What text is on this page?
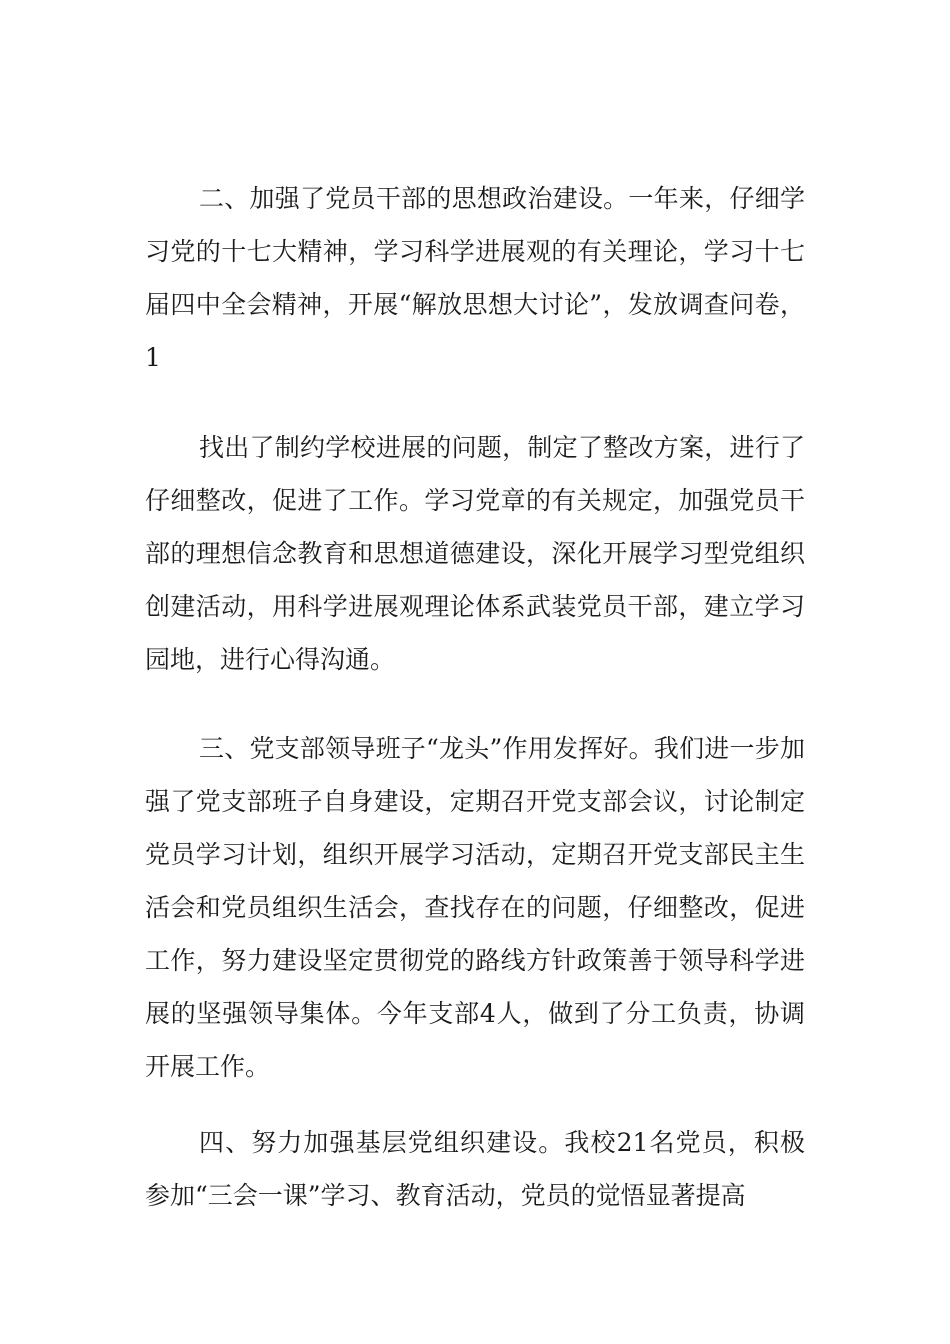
二、加强了党员干部的思想政治建设。一年来，仔细学习党的十七大精神，学习科学进展观的有关理论，学习十七届四中全会精神，开展“解放思想大讨论”，发放调查问卷，1

找出了制约学校进展的问题，制定了整改方案，进行了仔细整改，促进了工作。学习党章的有关规定，加强党员干部的理想信念教育和思想道德建设，深化开展学习型党组织创建活动，用科学进展观理论体系武装党员干部，建立学习园地，进行心得沟通。

三、党支部领导班子“龙头”作用发挥好。我们进一步加强了党支部班子自身建设，定期召开党支部会议，讨论制定党员学习计划，组织开展学习活动，定期召开党支部民主生活会和党员组织生活会，查找存在的问题，仔细整改，促进工作，努力建设坚定贯彻党的路线方针政策善于领导科学进展的坚强领导集体。今年支部4人，做到了分工负责，协调开展工作。

四、努力加强基层党组织建设。我校21名党员，积极参加“三会一课”学习、教育活动，党员的觉悟显著提高
